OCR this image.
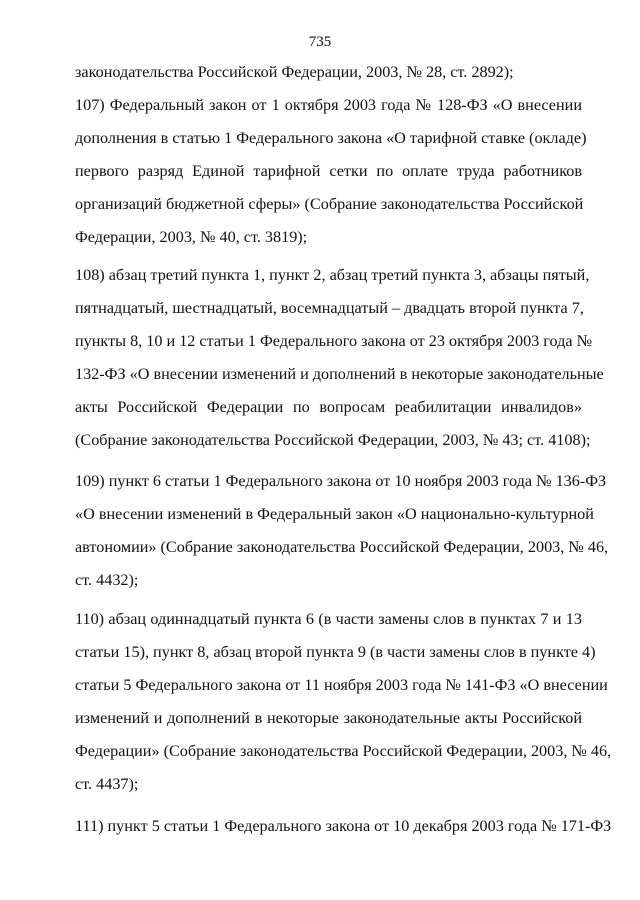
735
законодательства Российской Федерации, 2003, № 28, ст. 2892);
107) Федеральный закон от 1 октября 2003 года № 128-ФЗ «О внесении
дополнения в статью 1 Федерального закона «О тарифной ставке (окладе)
первого разряд Единой тарифной сетки по оплате труда работников
организаций бюджетной сферы» (Собрание законодательства Российской
Федерации, 2003, № 40, ст. 3819);
108) абзац третий пункта 1, пункт 2, абзац третий пункта 3, абзацы пятый,
пятнадцатый, шестнадцатый, восемнадцатый – двадцать второй пункта 7,
пункты 8, 10 и 12 статьи 1 Федерального закона от 23 октября 2003 года №
132-ФЗ «О внесении изменений и дополнений в некоторые законодательные
акты Российской Федерации по вопросам реабилитации инвалидов»
(Собрание законодательства Российской Федерации, 2003, № 43; ст. 4108);
109) пункт 6 статьи 1 Федерального закона от 10 ноября 2003 года № 136-ФЗ
«О внесении изменений в Федеральный закон «О национально-культурной
автономии» (Собрание законодательства Российской Федерации, 2003, № 46,
ст. 4432);
110) абзац одиннадцатый пункта 6 (в части замены слов в пунктах 7 и 13
статьи 15), пункт 8, абзац второй пункта 9 (в части замены слов в пункте 4)
статьи 5 Федерального закона от 11 ноября 2003 года № 141-ФЗ «О внесении
изменений и дополнений в некоторые законодательные акты Российской
Федерации» (Собрание законодательства Российской Федерации, 2003, № 46,
ст. 4437);
111) пункт 5 статьи 1 Федерального закона от 10 декабря 2003 года № 171-ФЗ
